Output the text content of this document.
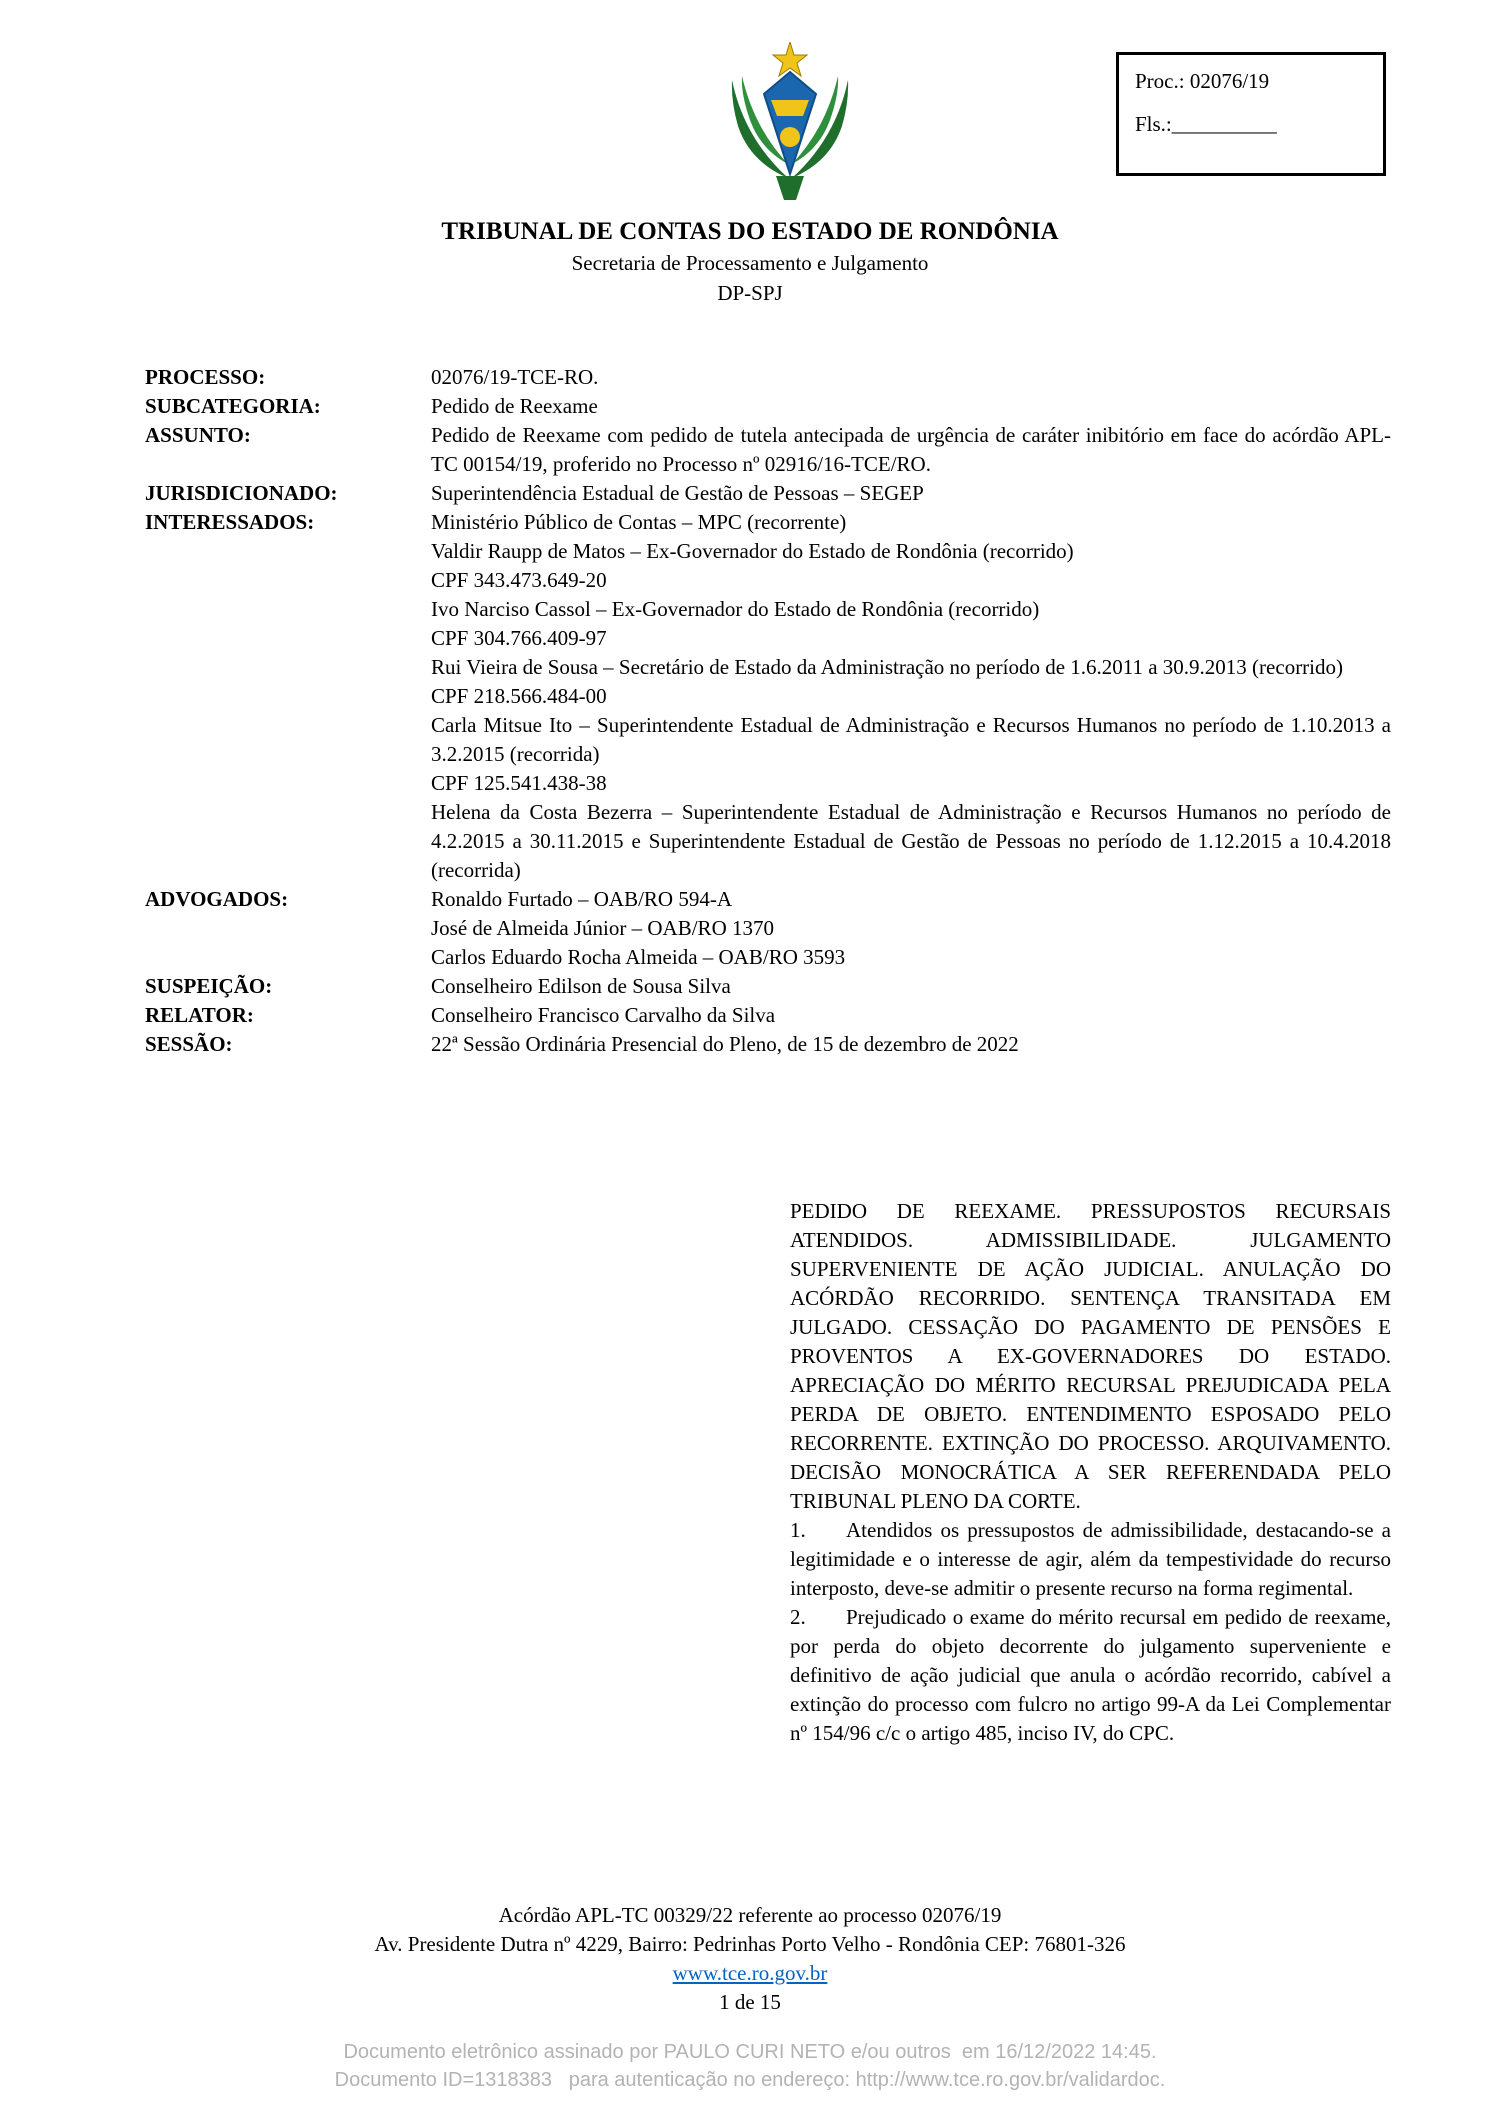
Proc.: 02076/19
Fls.:__________
TRIBUNAL DE CONTAS DO ESTADO DE RONDÔNIA
Secretaria de Processamento e Julgamento
DP-SPJ
PROCESSO:	02076/19-TCE-RO.

SUBCATEGORIA:	Pedido de Reexame

ASSUNTO:	Pedido de Reexame com pedido de tutela antecipada de urgência de caráter inibitório em face do acórdão APL-TC 00154/19, proferido no Processo nº 02916/16-TCE/RO.

JURISDICIONADO:	Superintendência Estadual de Gestão de Pessoas – SEGEP

INTERESSADOS:	Ministério Público de Contas – MPC (recorrente)

Valdir Raupp de Matos – Ex-Governador do Estado de Rondônia (recorrido)

CPF 343.473.649-20

Ivo Narciso Cassol – Ex-Governador do Estado de Rondônia (recorrido)

CPF 304.766.409-97

Rui Vieira de Sousa – Secretário de Estado da Administração no período de 1.6.2011 a 30.9.2013 (recorrido)

CPF 218.566.484-00

Carla Mitsue Ito – Superintendente Estadual de Administração e Recursos Humanos no período de 1.10.2013 a 3.2.2015 (recorrida)

CPF 125.541.438-38

Helena da Costa Bezerra – Superintendente Estadual de Administração e Recursos Humanos no período de 4.2.2015 a 30.11.2015 e Superintendente Estadual de Gestão de Pessoas no período de 1.12.2015 a 10.4.2018 (recorrida)

ADVOGADOS:	Ronaldo Furtado – OAB/RO 594-A

José de Almeida Júnior – OAB/RO 1370

Carlos Eduardo Rocha Almeida – OAB/RO 3593

SUSPEIÇÃO:	Conselheiro Edilson de Sousa Silva

RELATOR:	Conselheiro Francisco Carvalho da Silva

SESSÃO:	22ª Sessão Ordinária Presencial do Pleno, de 15 de dezembro de 2022

PEDIDO DE REEXAME. PRESSUPOSTOS RECURSAIS ATENDIDOS. ADMISSIBILIDADE. JULGAMENTO SUPERVENIENTE DE AÇÃO JUDICIAL. ANULAÇÃO DO ACÓRDÃO RECORRIDO. SENTENÇA TRANSITADA EM JULGADO. CESSAÇÃO DO PAGAMENTO DE PENSÕES E PROVENTOS A EX-GOVERNADORES DO ESTADO. APRECIAÇÃO DO MÉRITO RECURSAL PREJUDICADA PELA PERDA DE OBJETO. ENTENDIMENTO ESPOSADO PELO RECORRENTE. EXTINÇÃO DO PROCESSO. ARQUIVAMENTO. DECISÃO MONOCRÁTICA A SER REFERENDADA PELO TRIBUNAL PLENO DA CORTE.

1. Atendidos os pressupostos de admissibilidade, destacando-se a legitimidade e o interesse de agir, além da tempestividade do recurso interposto, deve-se admitir o presente recurso na forma regimental.

2. Prejudicado o exame do mérito recursal em pedido de reexame, por perda do objeto decorrente do julgamento superveniente e definitivo de ação judicial que anula o acórdão recorrido, cabível a extinção do processo com fulcro no artigo 99-A da Lei Complementar nº 154/96 c/c o artigo 485, inciso IV, do CPC.

Acórdão APL-TC 00329/22 referente ao processo 02076/19
Av. Presidente Dutra nº 4229, Bairro: Pedrinhas Porto Velho - Rondônia CEP: 76801-326
www.tce.ro.gov.br
1 de 15
Documento eletrônico assinado por PAULO CURI NETO e/ou outros  em 16/12/2022 14:45.
Documento ID=1318383   para autenticação no endereço: http://www.tce.ro.gov.br/validardoc.
